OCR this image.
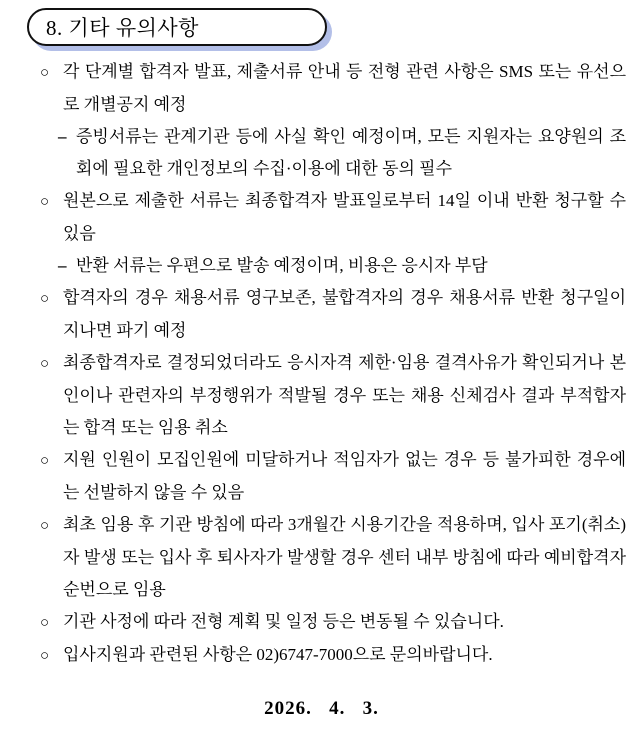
8. 기타 유의사항
○ 각 단계별 합격자 발표, 제출서류 안내 등 전형 관련 사항은 SMS 또는 유선으로 개별공지 예정
– 증빙서류는 관계기관 등에 사실 확인 예정이며, 모든 지원자는 요양원의 조회에 필요한 개인정보의 수집·이용에 대한 동의 필수
○ 원본으로 제출한 서류는 최종합격자 발표일로부터 14일 이내 반환 청구할 수 있음
– 반환 서류는 우편으로 발송 예정이며, 비용은 응시자 부담
○ 합격자의 경우 채용서류 영구보존, 불합격자의 경우 채용서류 반환 청구일이 지나면 파기 예정
○ 최종합격자로 결정되었더라도 응시자격 제한·임용 결격사유가 확인되거나 본인이나 관련자의 부정행위가 적발될 경우 또는 채용 신체검사 결과 부적합자는 합격 또는 임용 취소
○ 지원 인원이 모집인원에 미달하거나 적임자가 없는 경우 등 불가피한 경우에는 선발하지 않을 수 있음
○ 최초 임용 후 기관 방침에 따라 3개월간 시용기간을 적용하며, 입사 포기(취소)자 발생 또는 입사 후 퇴사자가 발생할 경우 센터 내부 방침에 따라 예비합격자 순번으로 임용
○ 기관 사정에 따라 전형 계획 및 일정 등은 변동될 수 있습니다.
○ 입사지원과 관련된 사항은 02)6747-7000으로 문의바랍니다.
2026.   4.   3.
